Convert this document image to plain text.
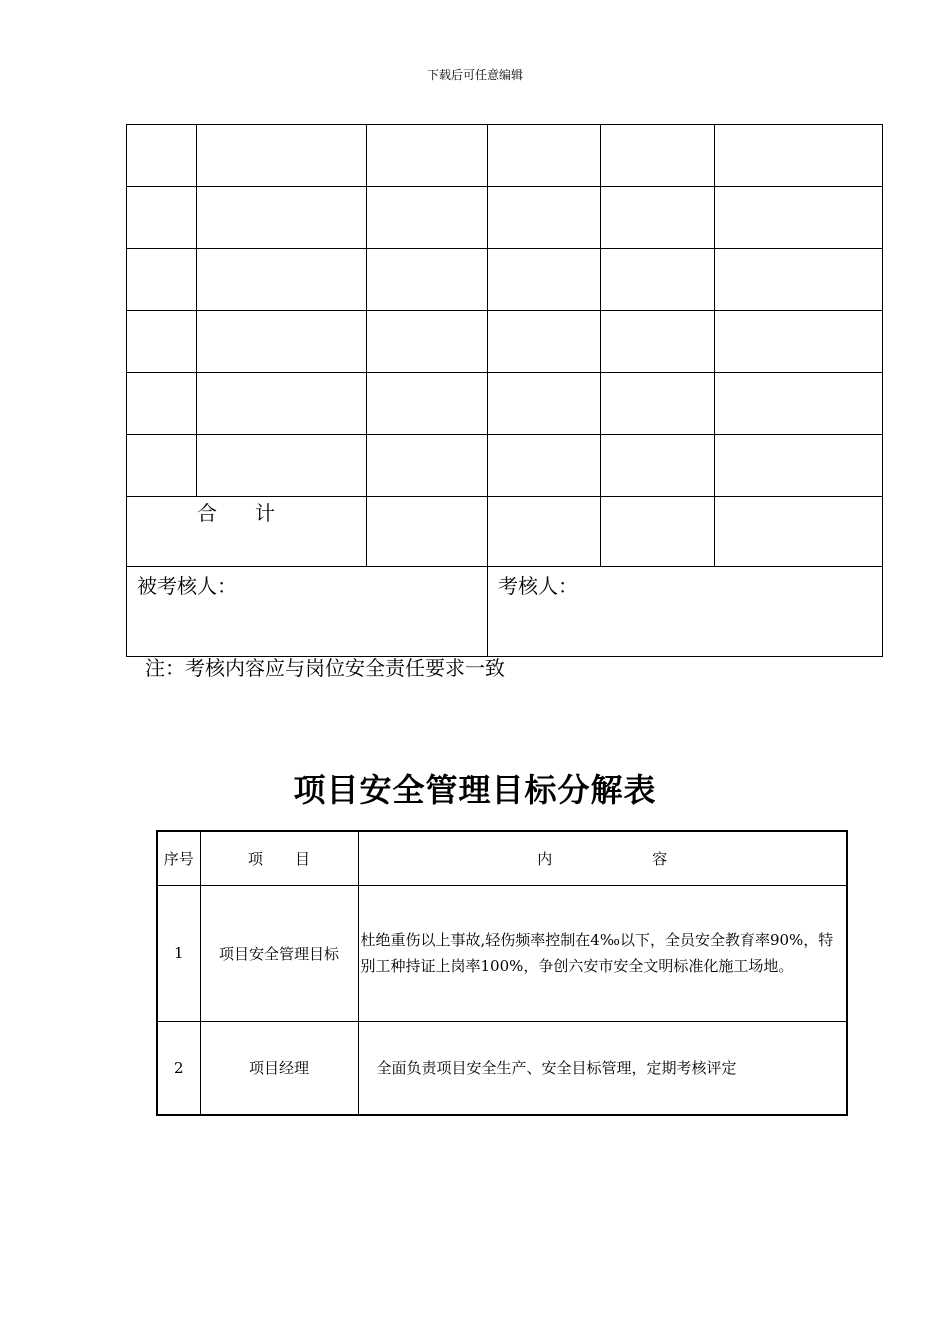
下载后可任意编辑

合 计					
被考核人：			考核人：		
注：考核内容应与岗位安全责任要求一致
项目安全管理目标分解表
序号	项 目	内 容
1	项目安全管理目标	杜绝重伤以上事故,轻伤频率控制在4‰以下，全员安全教育率90%，特别工种持证上岗率100%，争创六安市安全文明标准化施工场地。
2	项目经理	全面负责项目安全生产、安全目标管理，定期考核评定
